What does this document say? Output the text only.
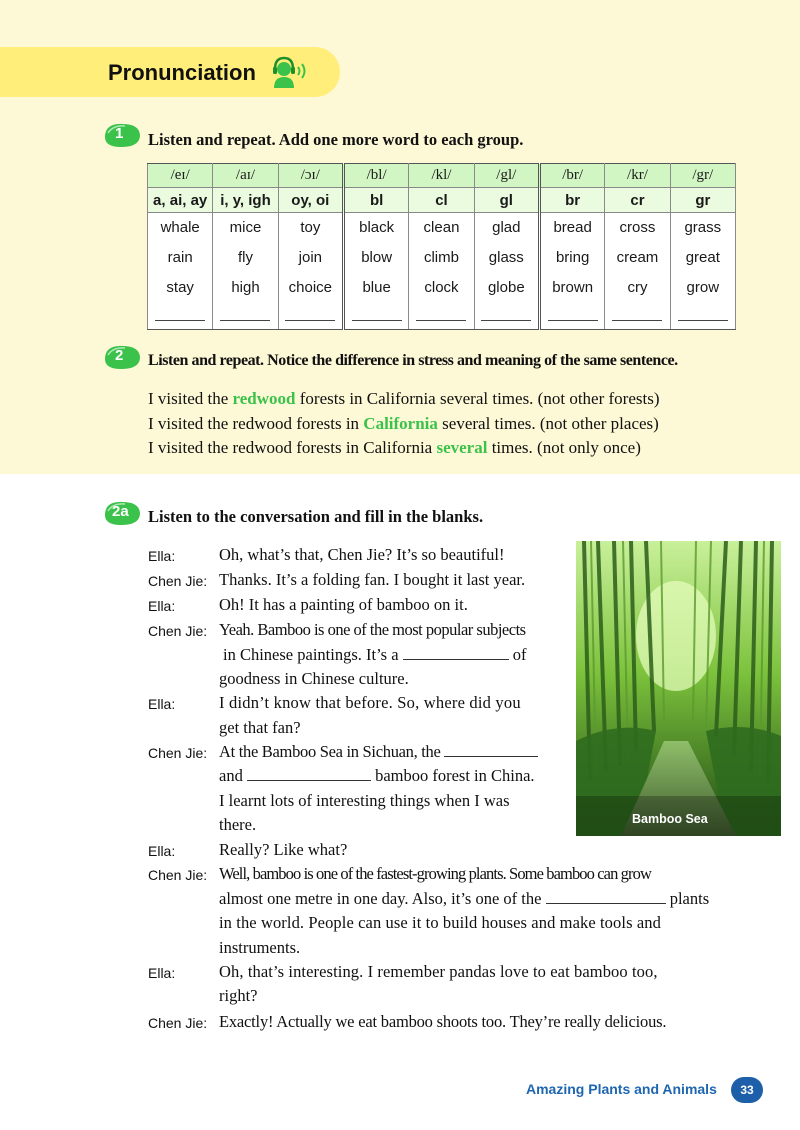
Pronunciation
1 Listen and repeat. Add one more word to each group.
/eɪ/	/aɪ/	/ɔɪ/	/bl/	/kl/	/gl/	/br/	/kr/	/gr/
a, ai, ay	i, y, igh	oy, oi	bl	cl	gl	br	cr	gr
whale	mice	toy	black	clean	glad	bread	cross	grass
rain	fly	join	blow	climb	glass	bring	cream	great
stay	high	choice	blue	clock	globe	brown	cry	grow

2 Listen and repeat. Notice the difference in stress and meaning of the same sentence.
I visited the redwood forests in California several times. (not other forests)
I visited the redwood forests in California several times. (not other places)
I visited the redwood forests in California several times. (not only once)
2a Listen to the conversation and fill in the blanks.
Bamboo Sea
Ella:	Oh, what’s that, Chen Jie? It’s so beautiful!
Chen Jie: Thanks. It’s a folding fan. I bought it last year.
Ella:	Oh! It has a painting of bamboo on it.
Chen Jie: Yeah. Bamboo is one of the most popular subjects
in Chinese paintings. It’s a	of
goodness in Chinese culture.
Ella:	I didn’t know that before. So, where did you
get that fan?
Chen Jie: At the Bamboo Sea in Sichuan, the
and	bamboo forest in China.
I learnt lots of interesting things when I was
there.
Ella:	Really? Like what?
Chen Jie: Well, bamboo is one of the fastest-growing plants. Some bamboo can grow
almost one metre in one day. Also, it’s one of the	plants
in the world. People can use it to build houses and make tools and
instruments.
Ella:	Oh, that’s interesting. I remember pandas love to eat bamboo too,
right?
Chen Jie: Exactly! Actually we eat bamboo shoots too. They’re really delicious.
Amazing Plants and Animals	33
